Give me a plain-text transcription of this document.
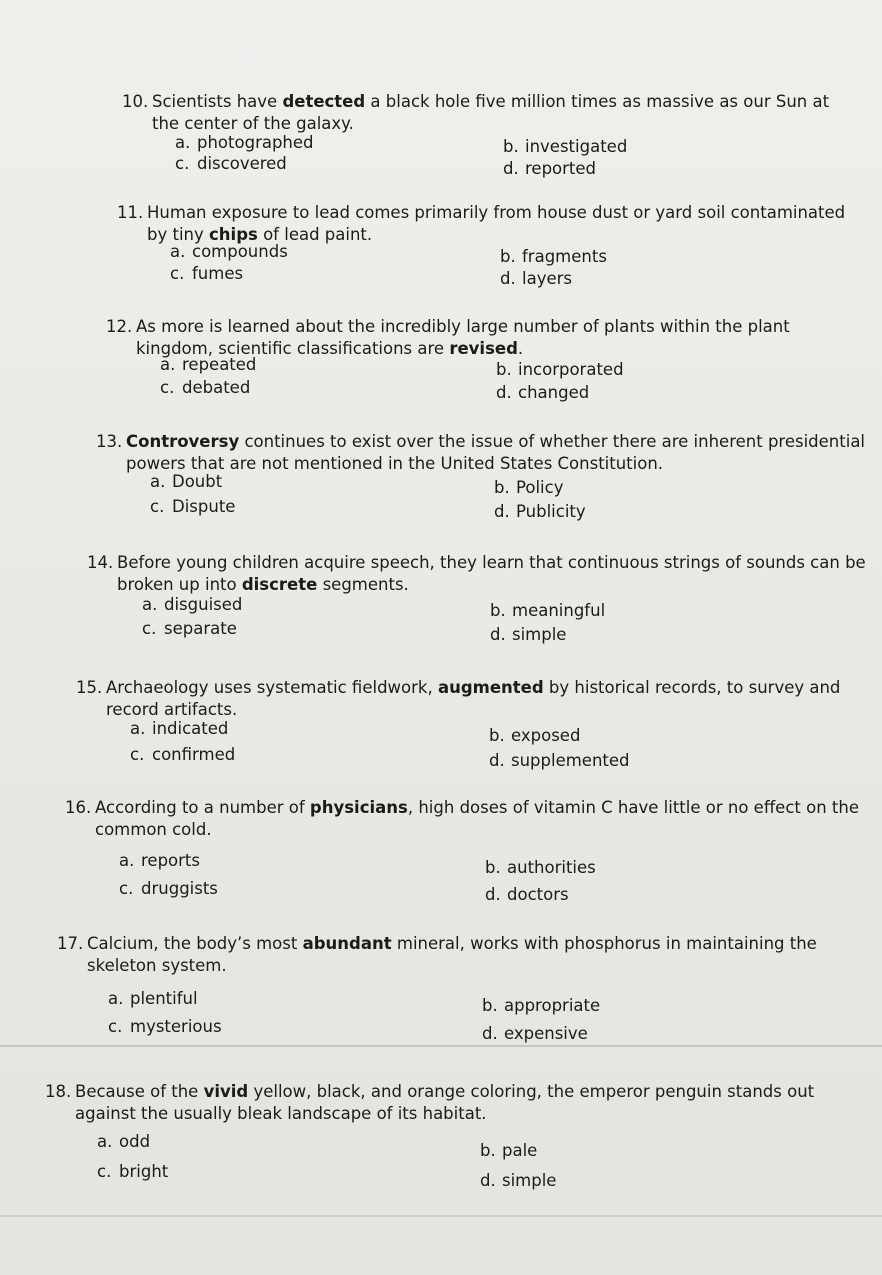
10. Scientists have detected a black hole five million times as massive as our Sun at the center of the galaxy.

a. photographed	b. investigated
c. discovered	d. reported

11. Human exposure to lead comes primarily from house dust or yard soil contaminated by tiny chips of lead paint.

a. compounds	b. fragments
c. fumes	d. layers

12. As more is learned about the incredibly large number of plants within the plant kingdom, scientific classifications are revised.

a. repeated	b. incorporated
c. debated	d. changed

13. Controversy continues to exist over the issue of whether there are inherent presidential powers that are not mentioned in the United States Constitution.

a. Doubt	b. Policy
c. Dispute	d. Publicity

14. Before young children acquire speech, they learn that continuous strings of sounds can be broken up into discrete segments.

a. disguised	b. meaningful
c. separate	d. simple

15. Archaeology uses systematic fieldwork, augmented by historical records, to survey and record artifacts.

a. indicated	b. exposed
c. confirmed	d. supplemented

16. According to a number of physicians, high doses of vitamin C have little or no effect on the common cold.

a. reports	b. authorities
c. druggists	d. doctors

17. Calcium, the body’s most abundant mineral, works with phosphorus in maintaining the skeleton system.

a. plentiful	b. appropriate
c. mysterious	d. expensive

18. Because of the vivid yellow, black, and orange coloring, the emperor penguin stands out against the usually bleak landscape of its habitat.

a. odd	b. pale
c. bright	d. simple
